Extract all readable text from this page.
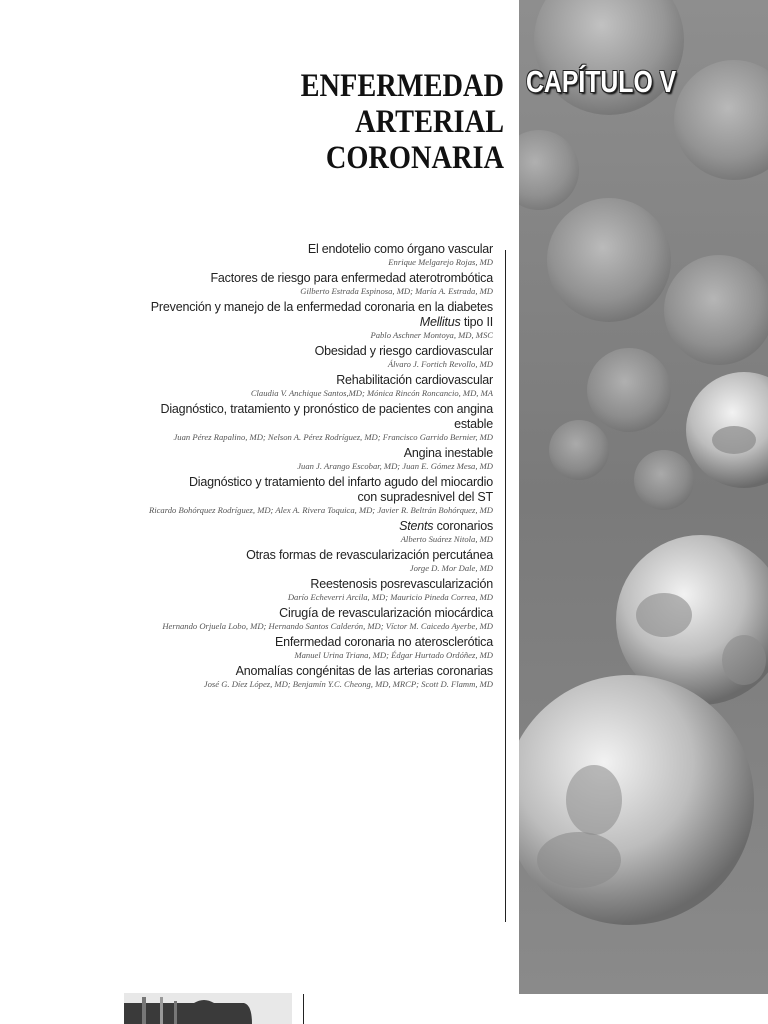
ENFERMEDAD
ARTERIAL
CORONARIA
CAPÍTULO V
El endotelio como órgano vascular
Enrique Melgarejo Rojas, MD
Factores de riesgo para enfermedad aterotrombótica
Gilberto Estrada Espinosa, MD; María A. Estrada, MD
Prevención y manejo de la enfermedad coronaria en la diabetes
Mellitus tipo II
Pablo Aschner Montoya, MD, MSC
Obesidad y riesgo cardiovascular
Álvaro J. Fortich Revollo, MD
Rehabilitación cardiovascular
Claudia V. Anchique Santos,MD; Mónica Rincón Roncancio, MD, MA
Diagnóstico, tratamiento y pronóstico de pacientes con angina
estable
Juan Pérez Rapalino, MD; Nelson A. Pérez Rodríguez, MD; Francisco Garrido Bernier, MD
Angina inestable
Juan J. Arango Escobar, MD; Juan E. Gómez Mesa, MD
Diagnóstico y tratamiento del infarto agudo del miocardio
con supradesnivel del ST
Ricardo Bohórquez Rodríguez, MD; Alex A. Rivera Toquica, MD; Javier R. Beltrán Bohórquez, MD
Stents coronarios
Alberto Suárez Nitola, MD
Otras formas de revascularización percutánea
Jorge D. Mor Dale, MD
Reestenosis posrevascularización
Darío Echeverri Arcila, MD; Mauricio Pineda Correa, MD
Cirugía de revascularización miocárdica
Hernando Orjuela Lobo, MD; Hernando Santos Calderón, MD; Víctor M. Caicedo Ayerbe, MD
Enfermedad coronaria no aterosclerótica
Manuel Urina Triana, MD; Édgar Hurtado Ordóñez, MD
Anomalías congénitas de las arterias coronarias
José G. Díez López, MD; Benjamín Y.C. Cheong, MD, MRCP; Scott D. Flamm, MD
